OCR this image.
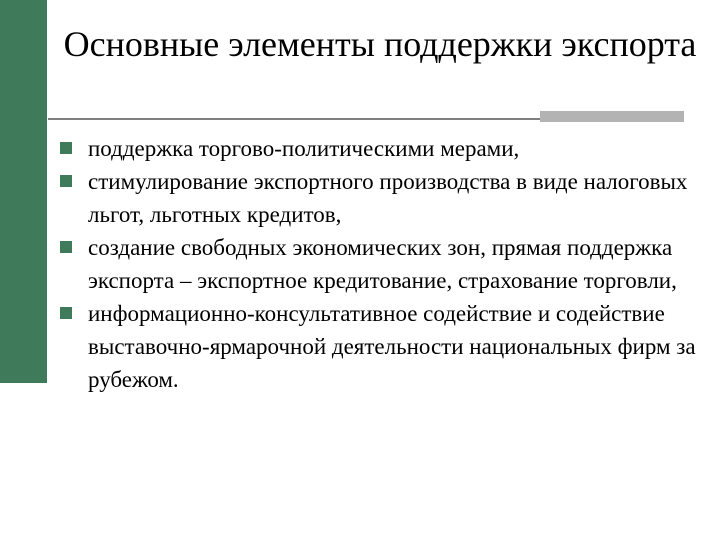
Основные элементы поддержки экспорта
поддержка торгово-политическими мерами,
стимулирование экспортного производства в виде налоговых льгот, льготных кредитов,
создание свободных экономических зон, прямая поддержка экспорта – экспортное кредитование, страхование торговли,
информационно-консультативное содействие и содействие выставочно-ярмарочной деятельности национальных фирм за рубежом.
